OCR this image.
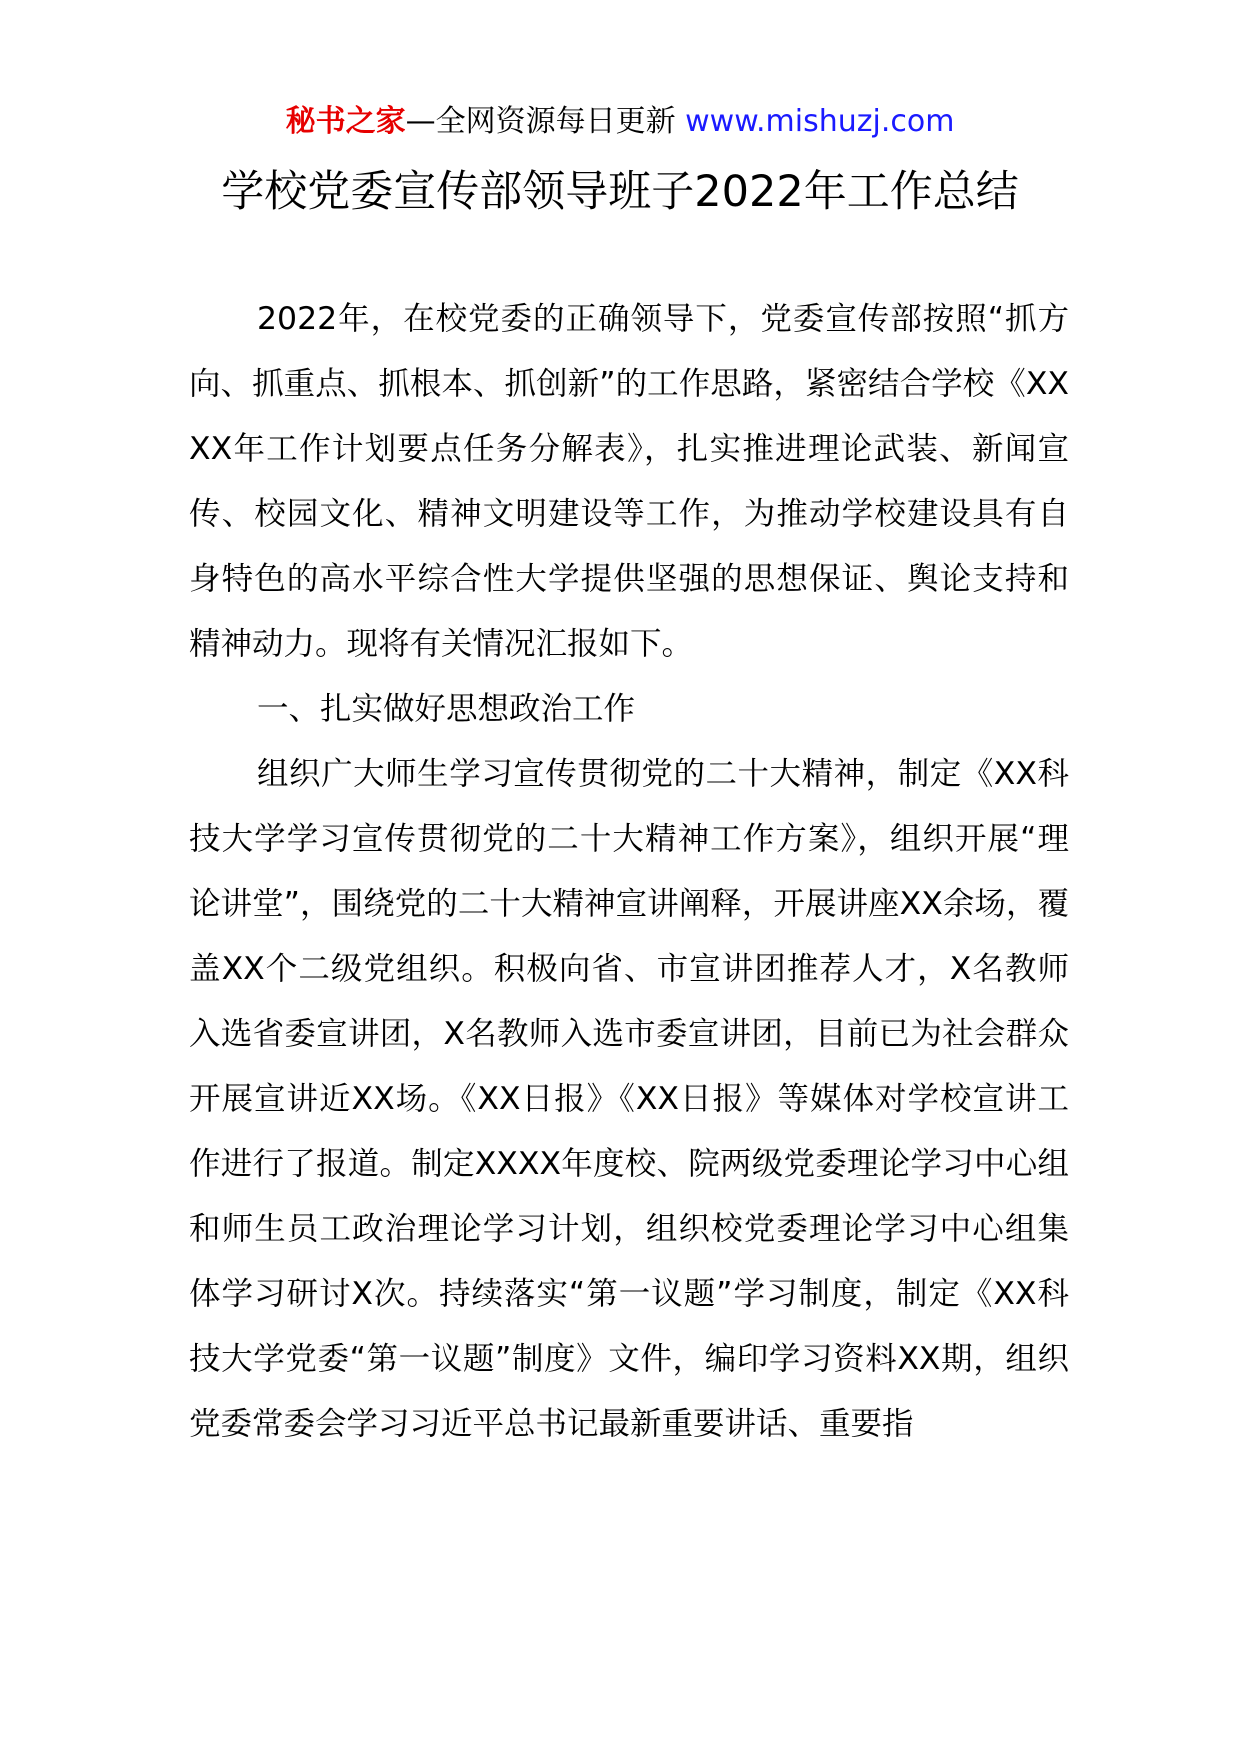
秘书之家—全网资源每日更新 www.mishuzj.com
学校党委宣传部领导班子2022年工作总结

2022年，在校党委的正确领导下，党委宣传部按照“抓方向、抓重点、抓根本、抓创新”的工作思路，紧密结合学校《XXXX年工作计划要点任务分解表》，扎实推进理论武装、新闻宣传、校园文化、精神文明建设等工作，为推动学校建设具有自身特色的高水平综合性大学提供坚强的思想保证、舆论支持和精神动力。现将有关情况汇报如下。

一、扎实做好思想政治工作

组织广大师生学习宣传贯彻党的二十大精神，制定《XX科技大学学习宣传贯彻党的二十大精神工作方案》，组织开展“理论讲堂”，围绕党的二十大精神宣讲阐释，开展讲座XX余场，覆盖XX个二级党组织。积极向省、市宣讲团推荐人才，X名教师入选省委宣讲团，X名教师入选市委宣讲团，目前已为社会群众开展宣讲近XX场。《XX日报》《XX日报》等媒体对学校宣讲工作进行了报道。制定XXXX年度校、院两级党委理论学习中心组和师生员工政治理论学习计划，组织校党委理论学习中心组集体学习研讨X次。持续落实“第一议题”学习制度，制定《XX科技大学党委“第一议题”制度》文件，编印学习资料XX期，组织党委常委会学习习近平总书记最新重要讲话、重要指
